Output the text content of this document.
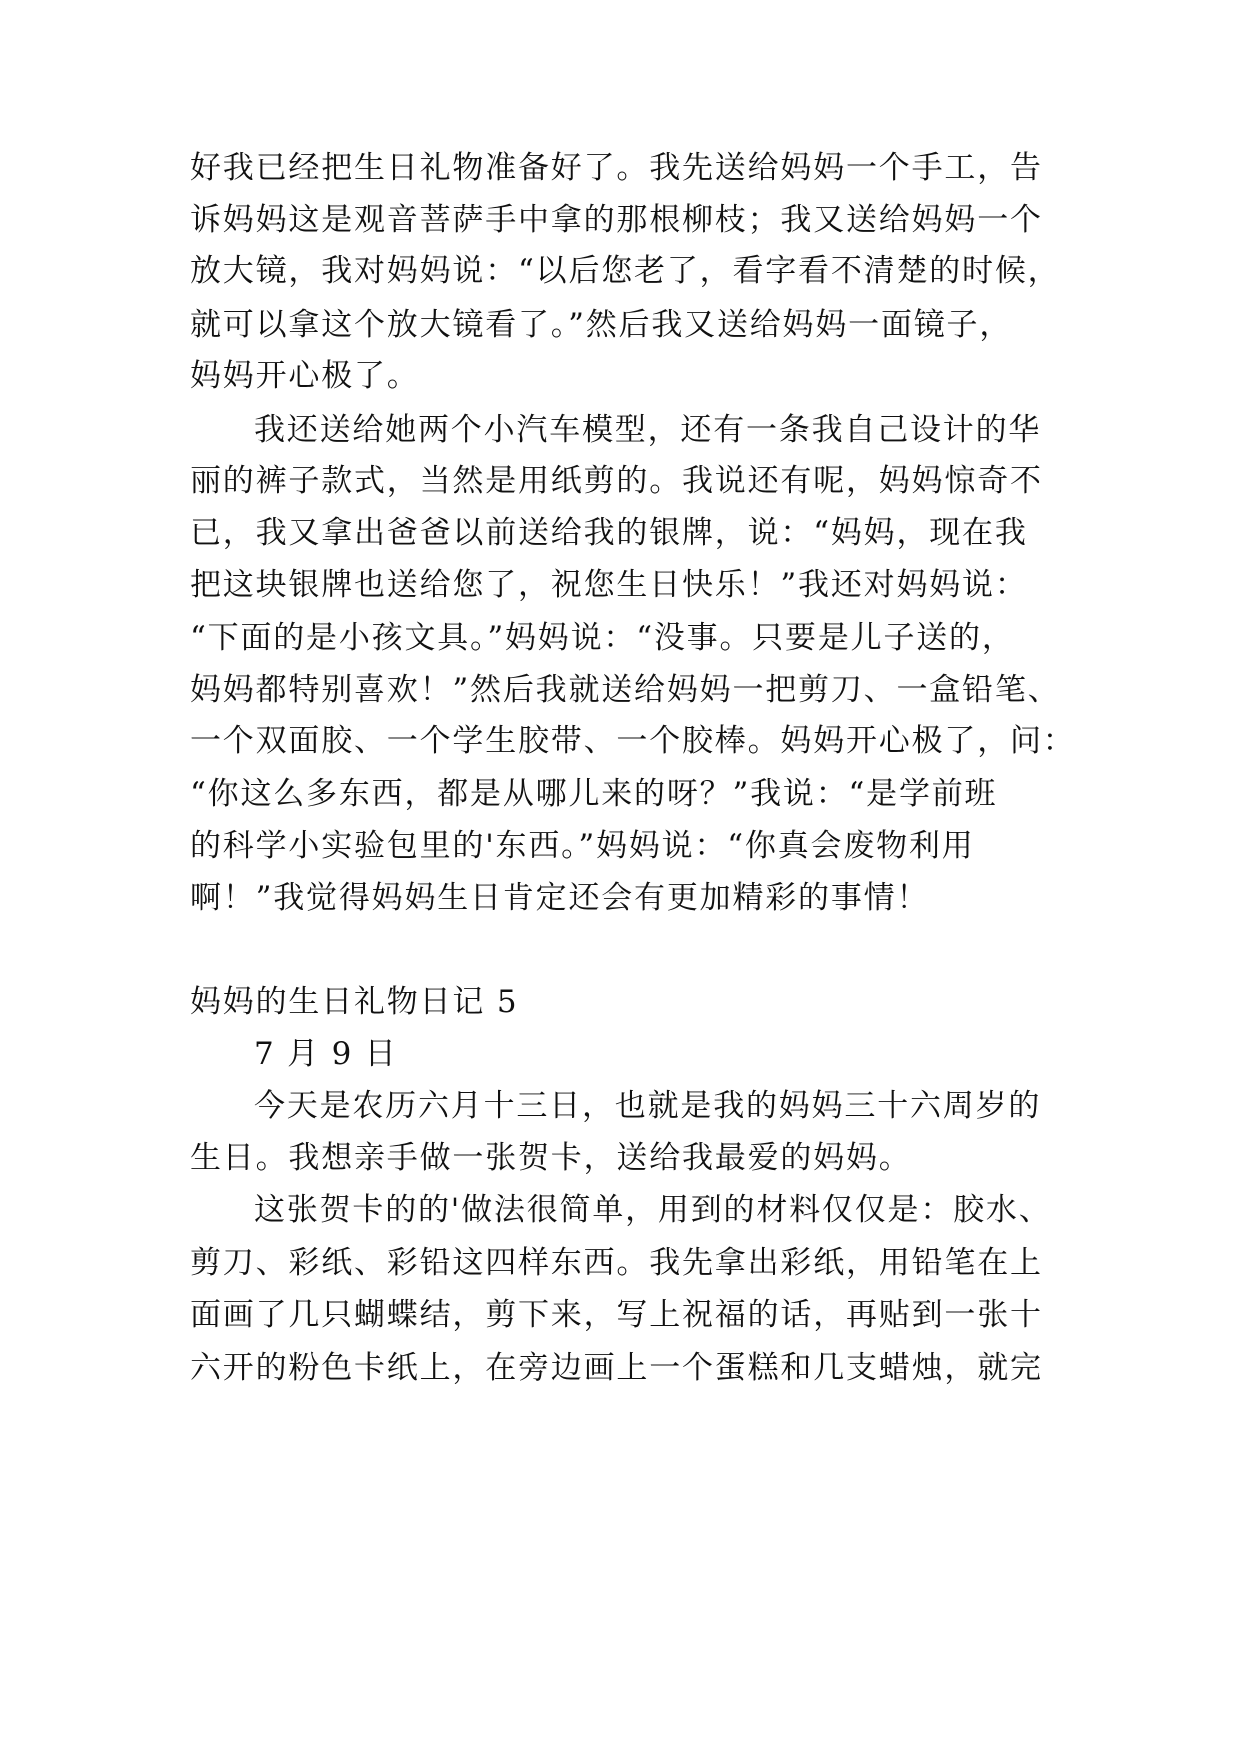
好我已经把生日礼物准备好了。我先送给妈妈一个手工，告
诉妈妈这是观音菩萨手中拿的那根柳枝；我又送给妈妈一个
放大镜，我对妈妈说：“以后您老了，看字看不清楚的时候，
就可以拿这个放大镜看了。”然后我又送给妈妈一面镜子，
妈妈开心极了。
我还送给她两个小汽车模型，还有一条我自己设计的华
丽的裤子款式，当然是用纸剪的。我说还有呢，妈妈惊奇不
已，我又拿出爸爸以前送给我的银牌，说：“妈妈，现在我
把这块银牌也送给您了，祝您生日快乐！”我还对妈妈说：
“下面的是小孩文具。”妈妈说：“没事。只要是儿子送的，
妈妈都特别喜欢！”然后我就送给妈妈一把剪刀、一盒铅笔、
一个双面胶、一个学生胶带、一个胶棒。妈妈开心极了，问：
“你这么多东西，都是从哪儿来的呀？”我说：“是学前班
的科学小实验包里的'东西。”妈妈说：“你真会废物利用
啊！”我觉得妈妈生日肯定还会有更加精彩的事情！
妈妈的生日礼物日记 5
7 月 9 日
今天是农历六月十三日，也就是我的妈妈三十六周岁的
生日。我想亲手做一张贺卡，送给我最爱的妈妈。
这张贺卡的的'做法很简单，用到的材料仅仅是：胶水、
剪刀、彩纸、彩铅这四样东西。我先拿出彩纸，用铅笔在上
面画了几只蝴蝶结，剪下来，写上祝福的话，再贴到一张十
六开的粉色卡纸上，在旁边画上一个蛋糕和几支蜡烛，就完
